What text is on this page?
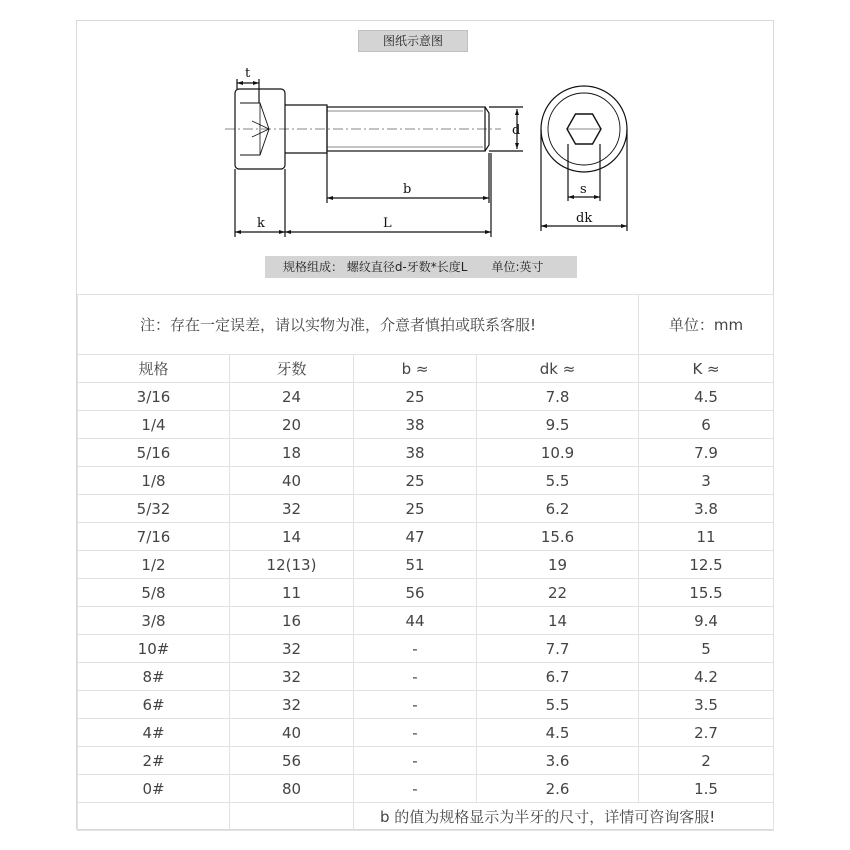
图纸示意图
t
d
b
k	L
s
dk
规格组成： 螺纹直径d-牙数*长度L 单位:英寸
注：存在一定误差，请以实物为准，介意者慎拍或联系客服!				单位：mm
规格	牙数	b ≈	dk ≈	K ≈
3/16	24	25	7.8	4.5
1/4	20	38	9.5	6
5/16	18	38	10.9	7.9
1/8	40	25	5.5	3
5/32	32	25	6.2	3.8
7/16	14	47	15.6	11
1/2	12(13)	51	19	12.5
5/8	11	56	22	15.5
3/8	16	44	14	9.4
10#	32	-	7.7	5
8#	32	-	6.7	4.2
6#	32	-	5.5	3.5
4#	40	-	4.5	2.7
2#	56	-	3.6	2
0#	80	-	2.6	1.5
		b 的值为规格显示为半牙的尺寸，详情可咨询客服!		
